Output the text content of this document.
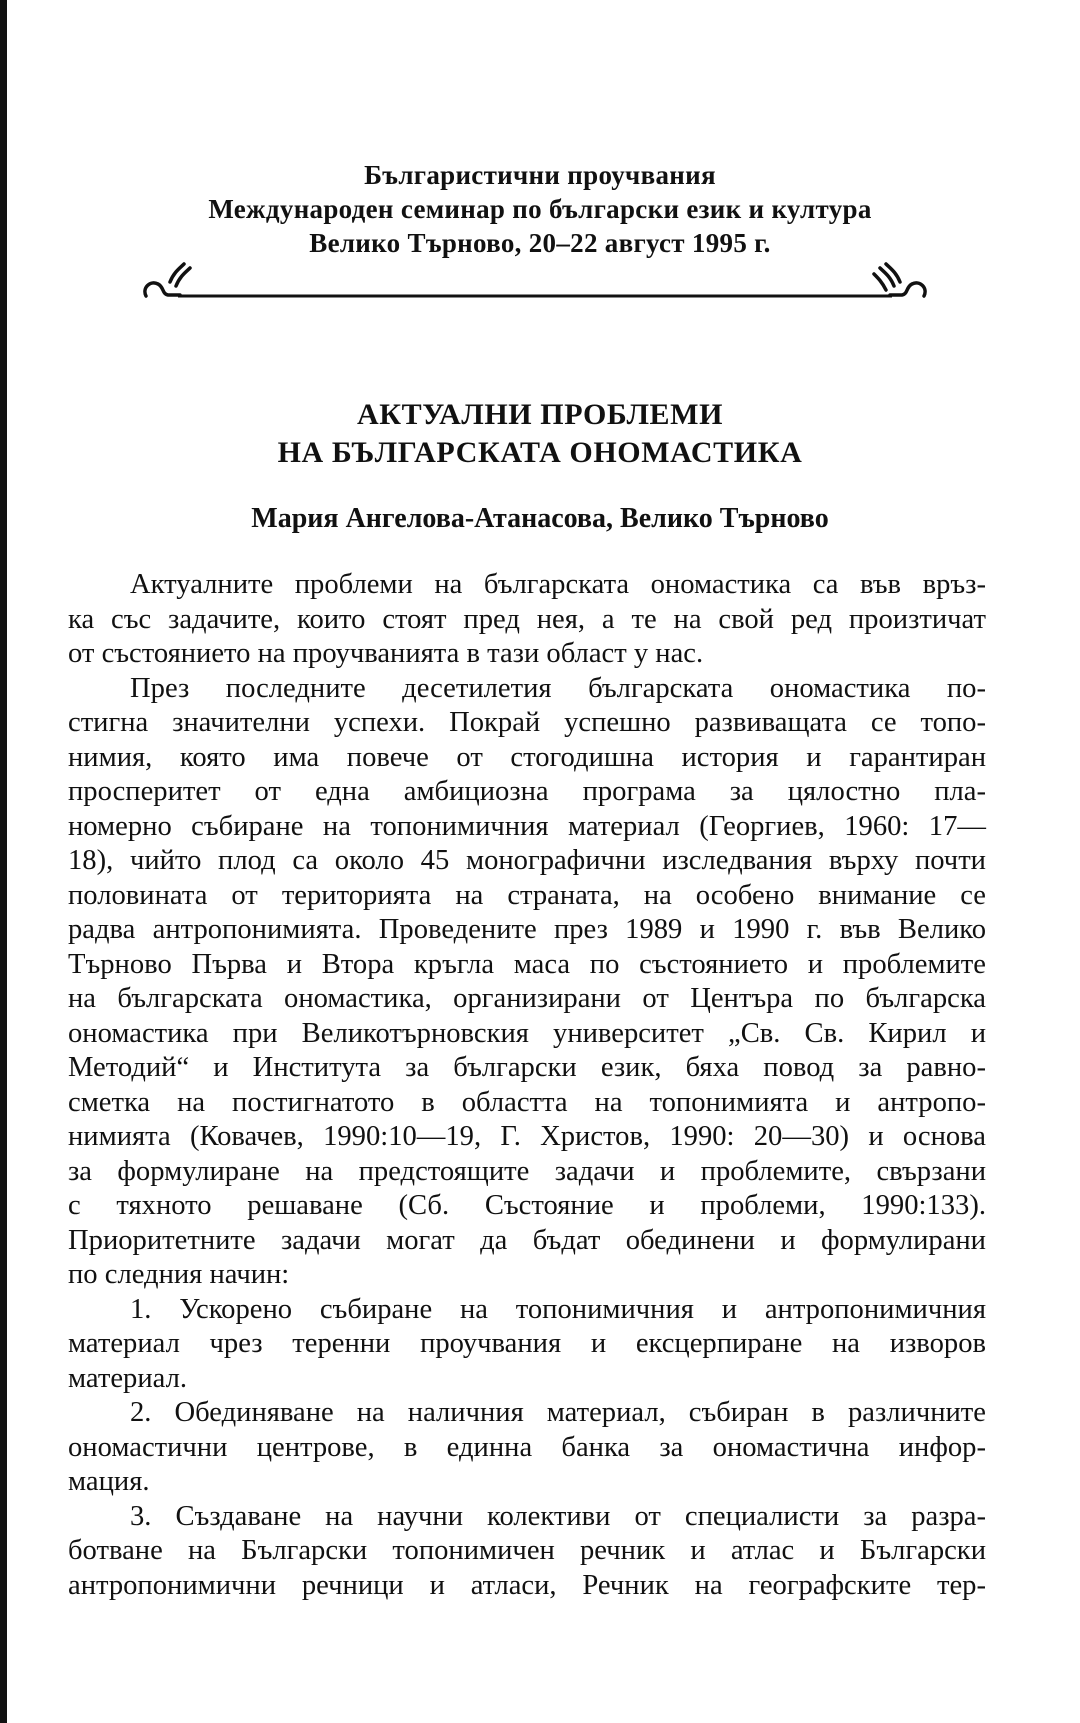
Българистични проучвания
Международен семинар по български език и култура
Велико Търново, 20–22 август 1995 г.
АКТУАЛНИ ПРОБЛЕМИ
НА БЪЛГАРСКАТА ОНОМАСТИКА
Мария Ангелова-Атанасова, Велико Търново
Актуалните проблеми на българската ономастика са във връз-
ка със задачите, които стоят пред нея, а те на свой ред произтичат
от състоянието на проучванията в тази област у нас.
През последните десетилетия българската ономастика по-
стигна значителни успехи. Покрай успешно развиващата се топо-
нимия, която има повече от стогодишна история и гарантиран
просперитет от една амбициозна програма за цялостно пла-
номерно събиране на топонимичния материал (Георгиев, 1960: 17—
18), чийто плод са около 45 монографични изследвания върху почти
половината от територията на страната, на особено внимание се
радва антропонимията. Проведените през 1989 и 1990 г. във Велико
Търново Първа и Втора кръгла маса по състоянието и проблемите
на българската ономастика, организирани от Центъра по българска
ономастика при Великотърновския университет „Св. Св. Кирил и
Методий“ и Института за български език, бяха повод за равно-
сметка на постигнатото в областта на топонимията и антропо-
нимията (Ковачев, 1990:10—19, Г. Христов, 1990: 20—30) и основа
за формулиране на предстоящите задачи и проблемите, свързани
с тяхното решаване (Сб. Състояние и проблеми, 1990:133).
Приоритетните задачи могат да бъдат обединени и формулирани
по следния начин:
1. Ускорено събиране на топонимичния и антропонимичния
материал чрез теренни проучвания и ексцерпиране на изворов
материал.
2. Обединяване на наличния материал, събиран в различните
ономастични центрове, в единна банка за ономастична инфор-
мация.
3. Създаване на научни колективи от специалисти за разра-
ботване на Български топонимичен речник и атлас и Български
антропонимични речници и атласи, Речник на географските тер-
